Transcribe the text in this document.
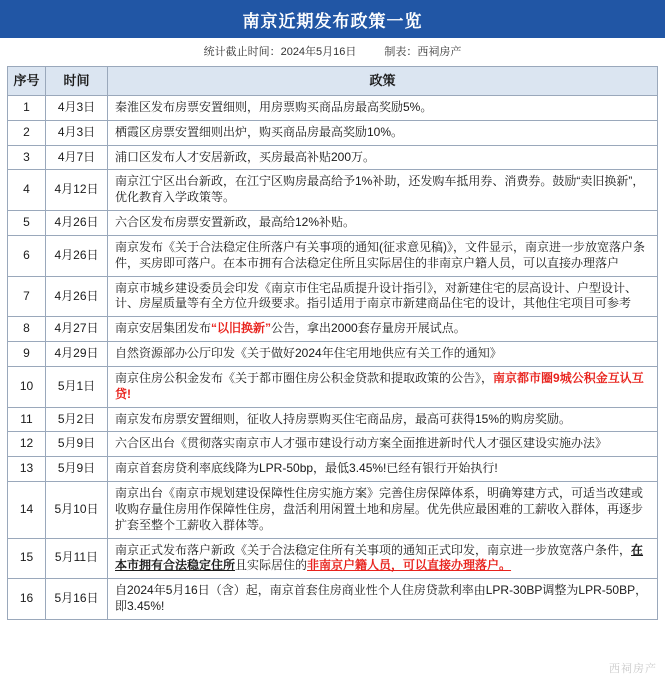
南京近期发布政策一览
统计截止时间：2024年5月16日	制表：西祠房产
序号	时间	政策
1	4月3日	秦淮区发布房票安置细则，用房票购买商品房最高奖励5%。
2	4月3日	栖霞区房票安置细则出炉，购买商品房最高奖励10%。
3	4月7日	浦口区发布人才安居新政，买房最高补贴200万。
4	4月12日	南京江宁区出台新政，在江宁区购房最高给予1%补助，还发购车抵用券、消费券。鼓励“卖旧换新”，优化教育入学政策等。
5	4月26日	六合区发布房票安置新政，最高给12%补贴。
6	4月26日	南京发布《关于合法稳定住所落户有关事项的通知(征求意见稿)》，文件显示，南京进一步放宽落户条件，买房即可落户。在本市拥有合法稳定住所且实际居住的非南京户籍人员，可以直接办理落户
7	4月26日	南京市城乡建设委员会印发《南京市住宅品质提升设计指引》，对新建住宅的层高设计、户型设计、计、房屋质量等有全方位升级要求。指引适用于南京市新建商品住宅的设计，其他住宅项目可参考
8	4月27日	南京安居集团发布“以旧换新”公告，拿出2000套存量房开展试点。
9	4月29日	自然资源部办公厅印发《关于做好2024年住宅用地供应有关工作的通知》
10	5月1日	南京住房公积金发布《关于都市圈住房公积金贷款和提取政策的公告》，南京都市圈9城公积金互认互贷!
11	5月2日	南京发布房票安置细则，征收人持房票购买住宅商品房，最高可获得15%的购房奖励。
12	5月9日	六合区出台《贯彻落实南京市人才强市建设行动方案全面推进新时代人才强区建设实施办法》
13	5月9日	南京首套房贷利率底线降为LPR-50bp，最低3.45%!已经有银行开始执行!
14	5月10日	南京出台《南京市规划建设保障性住房实施方案》完善住房保障体系，明确筹建方式，可适当改建或收购存量住房用作保障性住房，盘活利用闲置土地和房屋。优先供应最困难的工薪收入群体，再逐步扩套至整个工薪收入群体等。
15	5月11日	南京正式发布落户新政《关于合法稳定住所有关事项的通知正式印发，南京进一步放宽落户条件，在本市拥有合法稳定住所且实际居住的非南京户籍人员，可以直接办理落户。
16	5月16日	自2024年5月16日（含）起，南京首套住房商业性个人住房贷款利率由LPR-30BP调整为LPR-50BP，即3.45%!
西祠房产
